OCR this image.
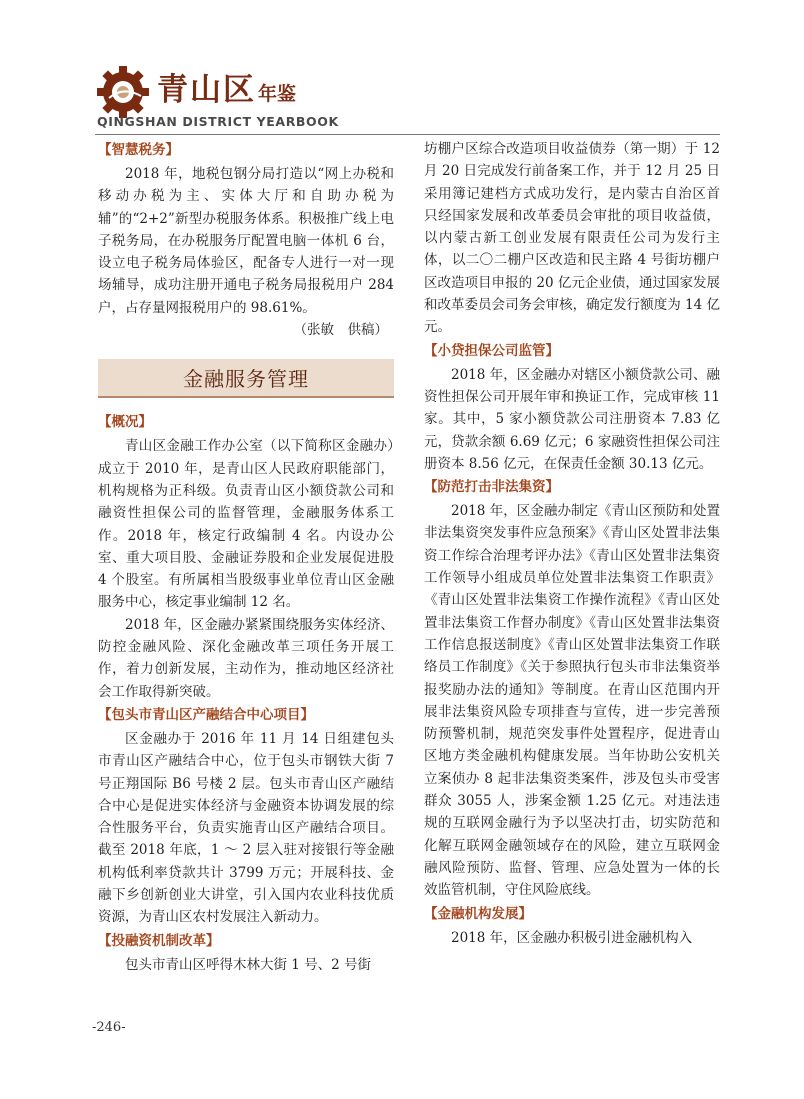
青山区 年鉴
QINGSHAN DISTRICT YEARBOOK
【智慧税务】

2018 年，地税包钢分局打造以“网上办税和移动办税为主、实体大厅和自助办税为辅”的“2+2”新型办税服务体系。积极推广线上电子税务局，在办税服务厅配置电脑一体机 6 台，设立电子税务局体验区，配备专人进行一对一现场辅导，成功注册开通电子税务局报税用户 284 户，占存量网报税用户的 98.61%。

（张敏　供稿）
金融服务管理
【概况】

青山区金融工作办公室（以下简称区金融办）成立于 2010 年，是青山区人民政府职能部门，机构规格为正科级。负责青山区小额贷款公司和融资性担保公司的监督管理，金融服务体系工作。2018 年，核定行政编制 4 名。内设办公室、重大项目股、金融证券股和企业发展促进股 4 个股室。有所属相当股级事业单位青山区金融服务中心，核定事业编制 12 名。

2018 年，区金融办紧紧围绕服务实体经济、防控金融风险、深化金融改革三项任务开展工作，着力创新发展，主动作为，推动地区经济社会工作取得新突破。

【包头市青山区产融结合中心项目】

区金融办于 2016 年 11 月 14 日组建包头市青山区产融结合中心，位于包头市钢铁大街 7 号正翔国际 B6 号楼 2 层。包头市青山区产融结合中心是促进实体经济与金融资本协调发展的综合性服务平台，负责实施青山区产融结合项目。截至 2018 年底，1 ～ 2 层入驻对接银行等金融机构低利率贷款共计 3799 万元；开展科技、金融下乡创新创业大讲堂，引入国内农业科技优质资源，为青山区农村发展注入新动力。

【投融资机制改革】

包头市青山区呼得木林大街 1 号、2 号街

坊棚户区综合改造项目收益债券（第一期）于 12 月 20 日完成发行前备案工作，并于 12 月 25 日采用簿记建档方式成功发行，是内蒙古自治区首只经国家发展和改革委员会审批的项目收益债，以内蒙古新工创业发展有限责任公司为发行主体，以二〇二棚户区改造和民主路 4 号街坊棚户区改造项目申报的 20 亿元企业债，通过国家发展和改革委员会司务会审核，确定发行额度为 14 亿元。

【小贷担保公司监管】

2018 年，区金融办对辖区小额贷款公司、融资性担保公司开展年审和换证工作，完成审核 11 家。其中，5 家小额贷款公司注册资本 7.83 亿元，贷款余额 6.69 亿元；6 家融资性担保公司注册资本 8.56 亿元，在保责任金额 30.13 亿元。

【防范打击非法集资】

2018 年，区金融办制定《青山区预防和处置非法集资突发事件应急预案》《青山区处置非法集资工作综合治理考评办法》《青山区处置非法集资工作领导小组成员单位处置非法集资工作职责》《青山区处置非法集资工作操作流程》《青山区处置非法集资工作督办制度》《青山区处置非法集资工作信息报送制度》《青山区处置非法集资工作联络员工作制度》《关于参照执行包头市非法集资举报奖励办法的通知》等制度。在青山区范围内开展非法集资风险专项排查与宣传，进一步完善预防预警机制，规范突发事件处置程序，促进青山区地方类金融机构健康发展。当年协助公安机关立案侦办 8 起非法集资类案件，涉及包头市受害群众 3055 人，涉案金额 1.25 亿元。对违法违规的互联网金融行为予以坚决打击，切实防范和化解互联网金融领域存在的风险，建立互联网金融风险预防、监督、管理、应急处置为一体的长效监管机制，守住风险底线。

【金融机构发展】

2018 年，区金融办积极引进金融机构入

-246-
